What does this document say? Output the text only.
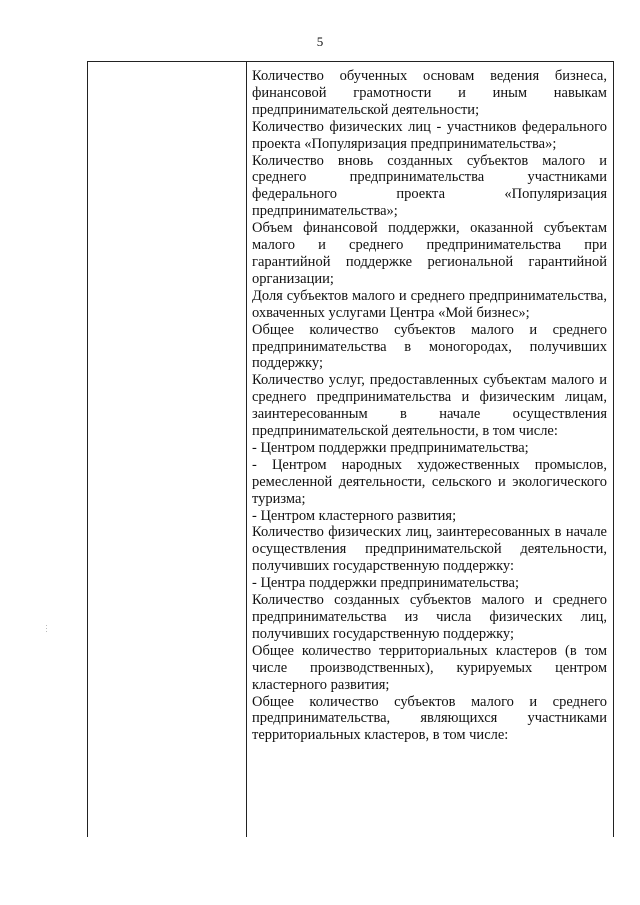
5

Количество обученных основам ведения бизнеса, финансовой грамотности и иным навыкам предпринимательской деятельности;

Количество физических лиц - участников федерального проекта «Популяризация предпринимательства»;

Количество вновь созданных субъектов малого и среднего предпринимательства участниками федерального проекта «Популяризация предпринимательства»;

Объем финансовой поддержки, оказанной субъектам малого и среднего предпринимательства при гарантийной поддержке региональной гарантийной организации;

Доля субъектов малого и среднего предпринимательства, охваченных услугами Центра «Мой бизнес»;

Общее количество субъектов малого и среднего предпринимательства в моногородах, получивших поддержку;

Количество услуг, предоставленных субъектам малого и среднего предпринимательства и физическим лицам, заинтересованным в начале осуществления предпринимательской деятельности, в том числе:

- Центром поддержки предпринимательства;

- Центром народных художественных промыслов, ремесленной деятельности, сельского и экологического туризма;

- Центром кластерного развития;

Количество физических лиц, заинтересованных в начале осуществления предпринимательской деятельности, получивших государственную поддержку:

- Центра поддержки предпринимательства;

Количество созданных субъектов малого и среднего предпринимательства из числа физических лиц, получивших государственную поддержку;

Общее количество территориальных кластеров (в том числе производственных), курируемых центром кластерного развития;

Общее количество субъектов малого и среднего предпринимательства, являющихся участниками территориальных кластеров, в том числе:
